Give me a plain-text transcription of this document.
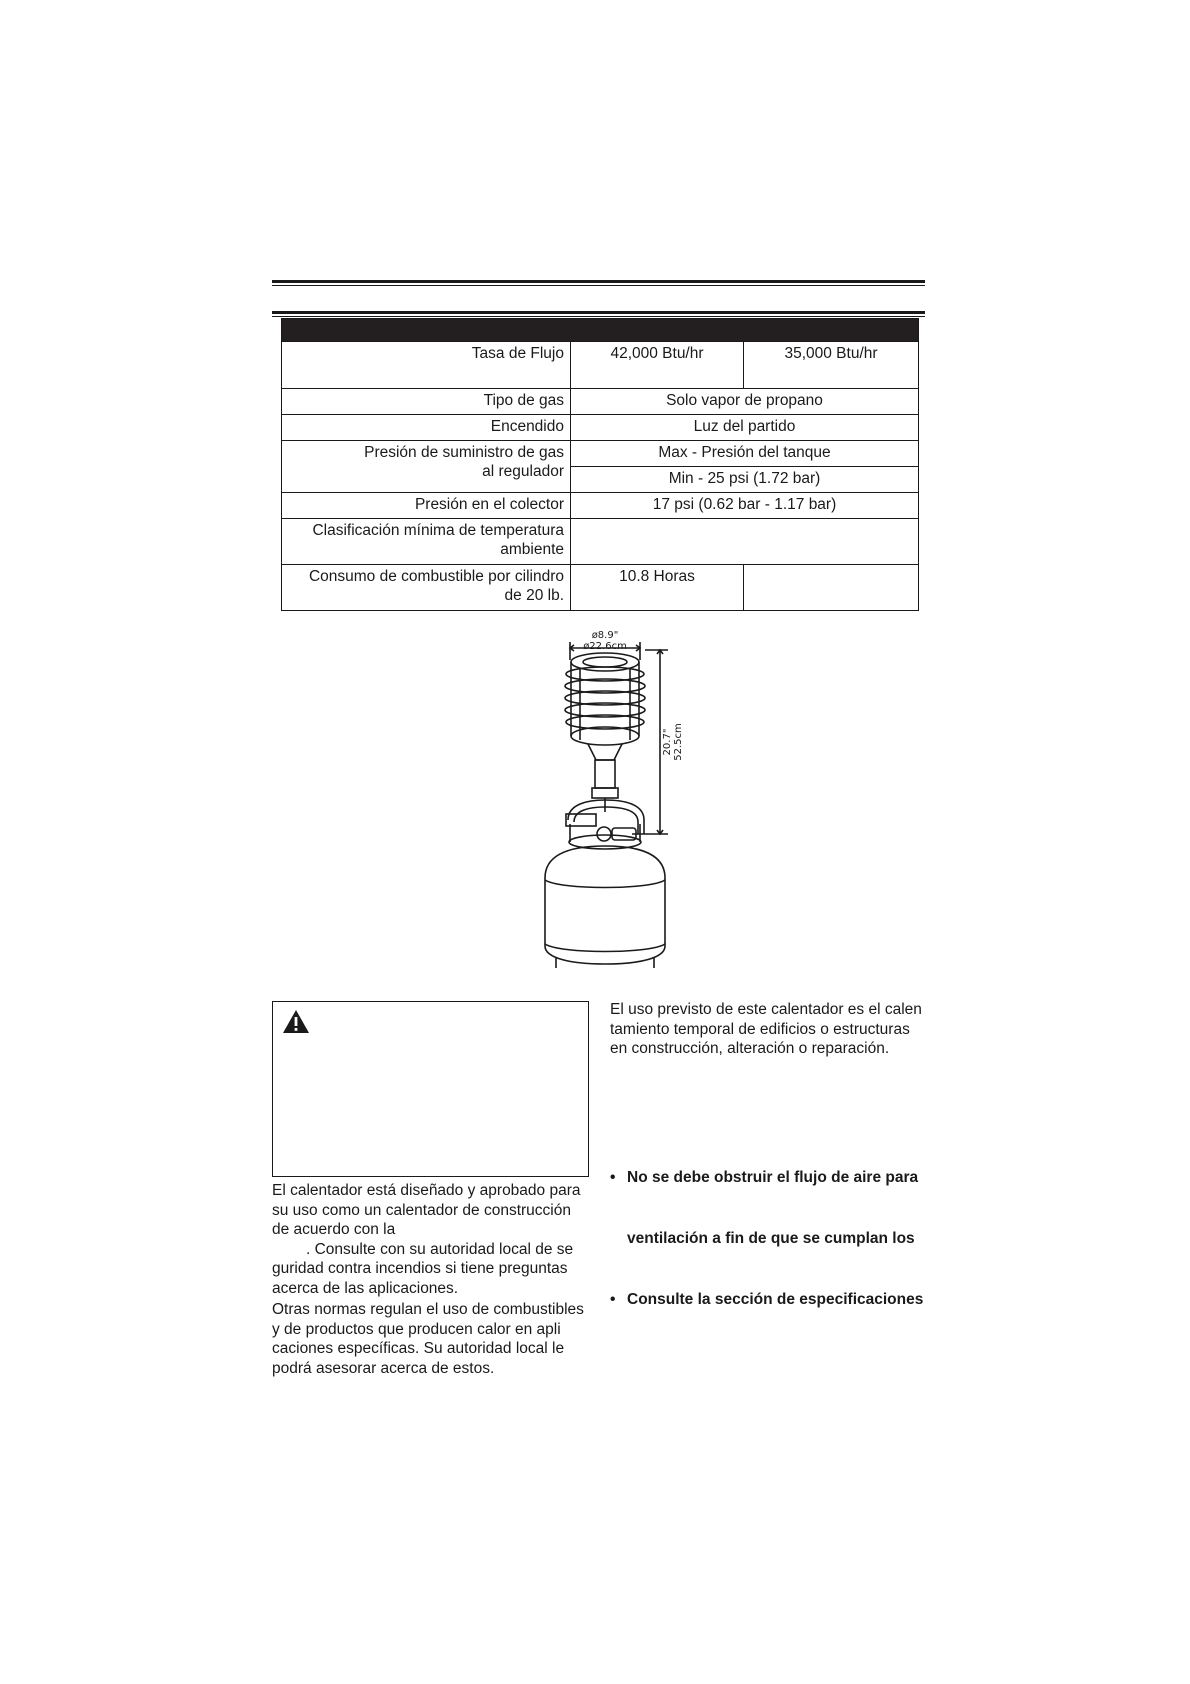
Tasa de Flujo	42,000 Btu/hr	35,000 Btu/hr
Tipo de gas	Solo vapor de propano	
Encendido	Luz del partido	

Presión de suministro de gas
al regulador	Max - Presión del tanque	
	Min - 25 psi (1.72 bar)	
Presión en el colector	17 psi (0.62 bar - 1.17 bar)	

Clasificación mínima de temperatura
ambiente		

Consumo de combustible por cilindro
de 20 lb.	10.8 Horas	
ø8.9"
ø22.6cm
20.7" 52.5cm

El calentador está diseñado y aprobado para
su uso como un calentador de construcción
de acuerdo con la
. Consulte con su autoridad local de se
guridad contra incendios si tiene preguntas
acerca de las aplicaciones.

Otras normas regulan el uso de combustibles
y de productos que producen calor en apli
caciones específicas. Su autoridad local le
podrá asesorar acerca de estos.

El uso previsto de este calentador es el calen
tamiento temporal de edificios o estructuras
en construcción, alteración o reparación.

• No se debe obstruir el flujo de aire para
ventilación a fin de que se cumplan los
• Consulte la sección de especificaciones
